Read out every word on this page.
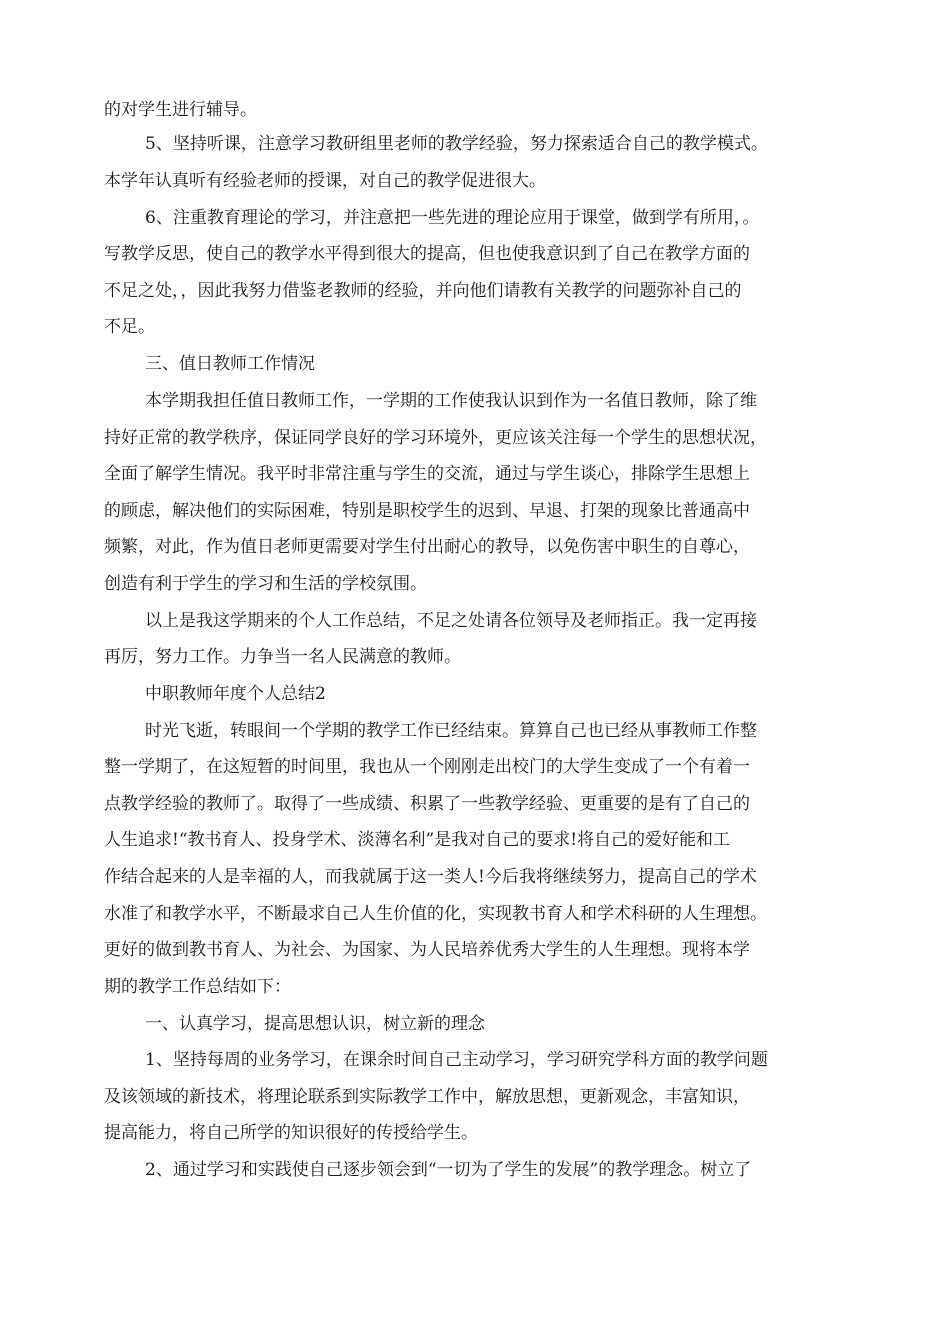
的对学生进行辅导。

5、坚持听课，注意学习教研组里老师的教学经验，努力探索适合自己的教学模式。

本学年认真听有经验老师的授课，对自己的教学促进很大。

6、注重教育理论的学习，并注意把一些先进的理论应用于课堂，做到学有所用，。

写教学反思，使自己的教学水平得到很大的提高，但也使我意识到了自己在教学方面的

不足之处，，因此我努力借鉴老教师的经验，并向他们请教有关教学的问题弥补自己的

不足。

三、值日教师工作情况

本学期我担任值日教师工作，一学期的工作使我认识到作为一名值日教师，除了维

持好正常的教学秩序，保证同学良好的学习环境外，更应该关注每一个学生的思想状况，

全面了解学生情况。我平时非常注重与学生的交流，通过与学生谈心，排除学生思想上

的顾虑，解决他们的实际困难，特别是职校学生的迟到、早退、打架的现象比普通高中

频繁，对此，作为值日老师更需要对学生付出耐心的教导，以免伤害中职生的自尊心，

创造有利于学生的学习和生活的学校氛围。

以上是我这学期来的个人工作总结，不足之处请各位领导及老师指正。我一定再接

再厉，努力工作。力争当一名人民满意的教师。

中职教师年度个人总结2

时光飞逝，转眼间一个学期的教学工作已经结束。算算自己也已经从事教师工作整

整一学期了，在这短暂的时间里，我也从一个刚刚走出校门的大学生变成了一个有着一

点教学经验的教师了。取得了一些成绩、积累了一些教学经验、更重要的是有了自己的

人生追求!“教书育人、投身学术、淡薄名利”是我对自己的要求!将自己的爱好能和工

作结合起来的人是幸福的人，而我就属于这一类人!今后我将继续努力，提高自己的学术

水准了和教学水平，不断最求自己人生价值的化，实现教书育人和学术科研的人生理想。

更好的做到教书育人、为社会、为国家、为人民培养优秀大学生的人生理想。现将本学

期的教学工作总结如下：

一、认真学习，提高思想认识，树立新的理念

1、坚持每周的业务学习，在课余时间自己主动学习，学习研究学科方面的教学问题

及该领域的新技术，将理论联系到实际教学工作中，解放思想，更新观念，丰富知识，

提高能力，将自己所学的知识很好的传授给学生。

2、通过学习和实践使自己逐步领会到“一切为了学生的发展”的教学理念。树立了
